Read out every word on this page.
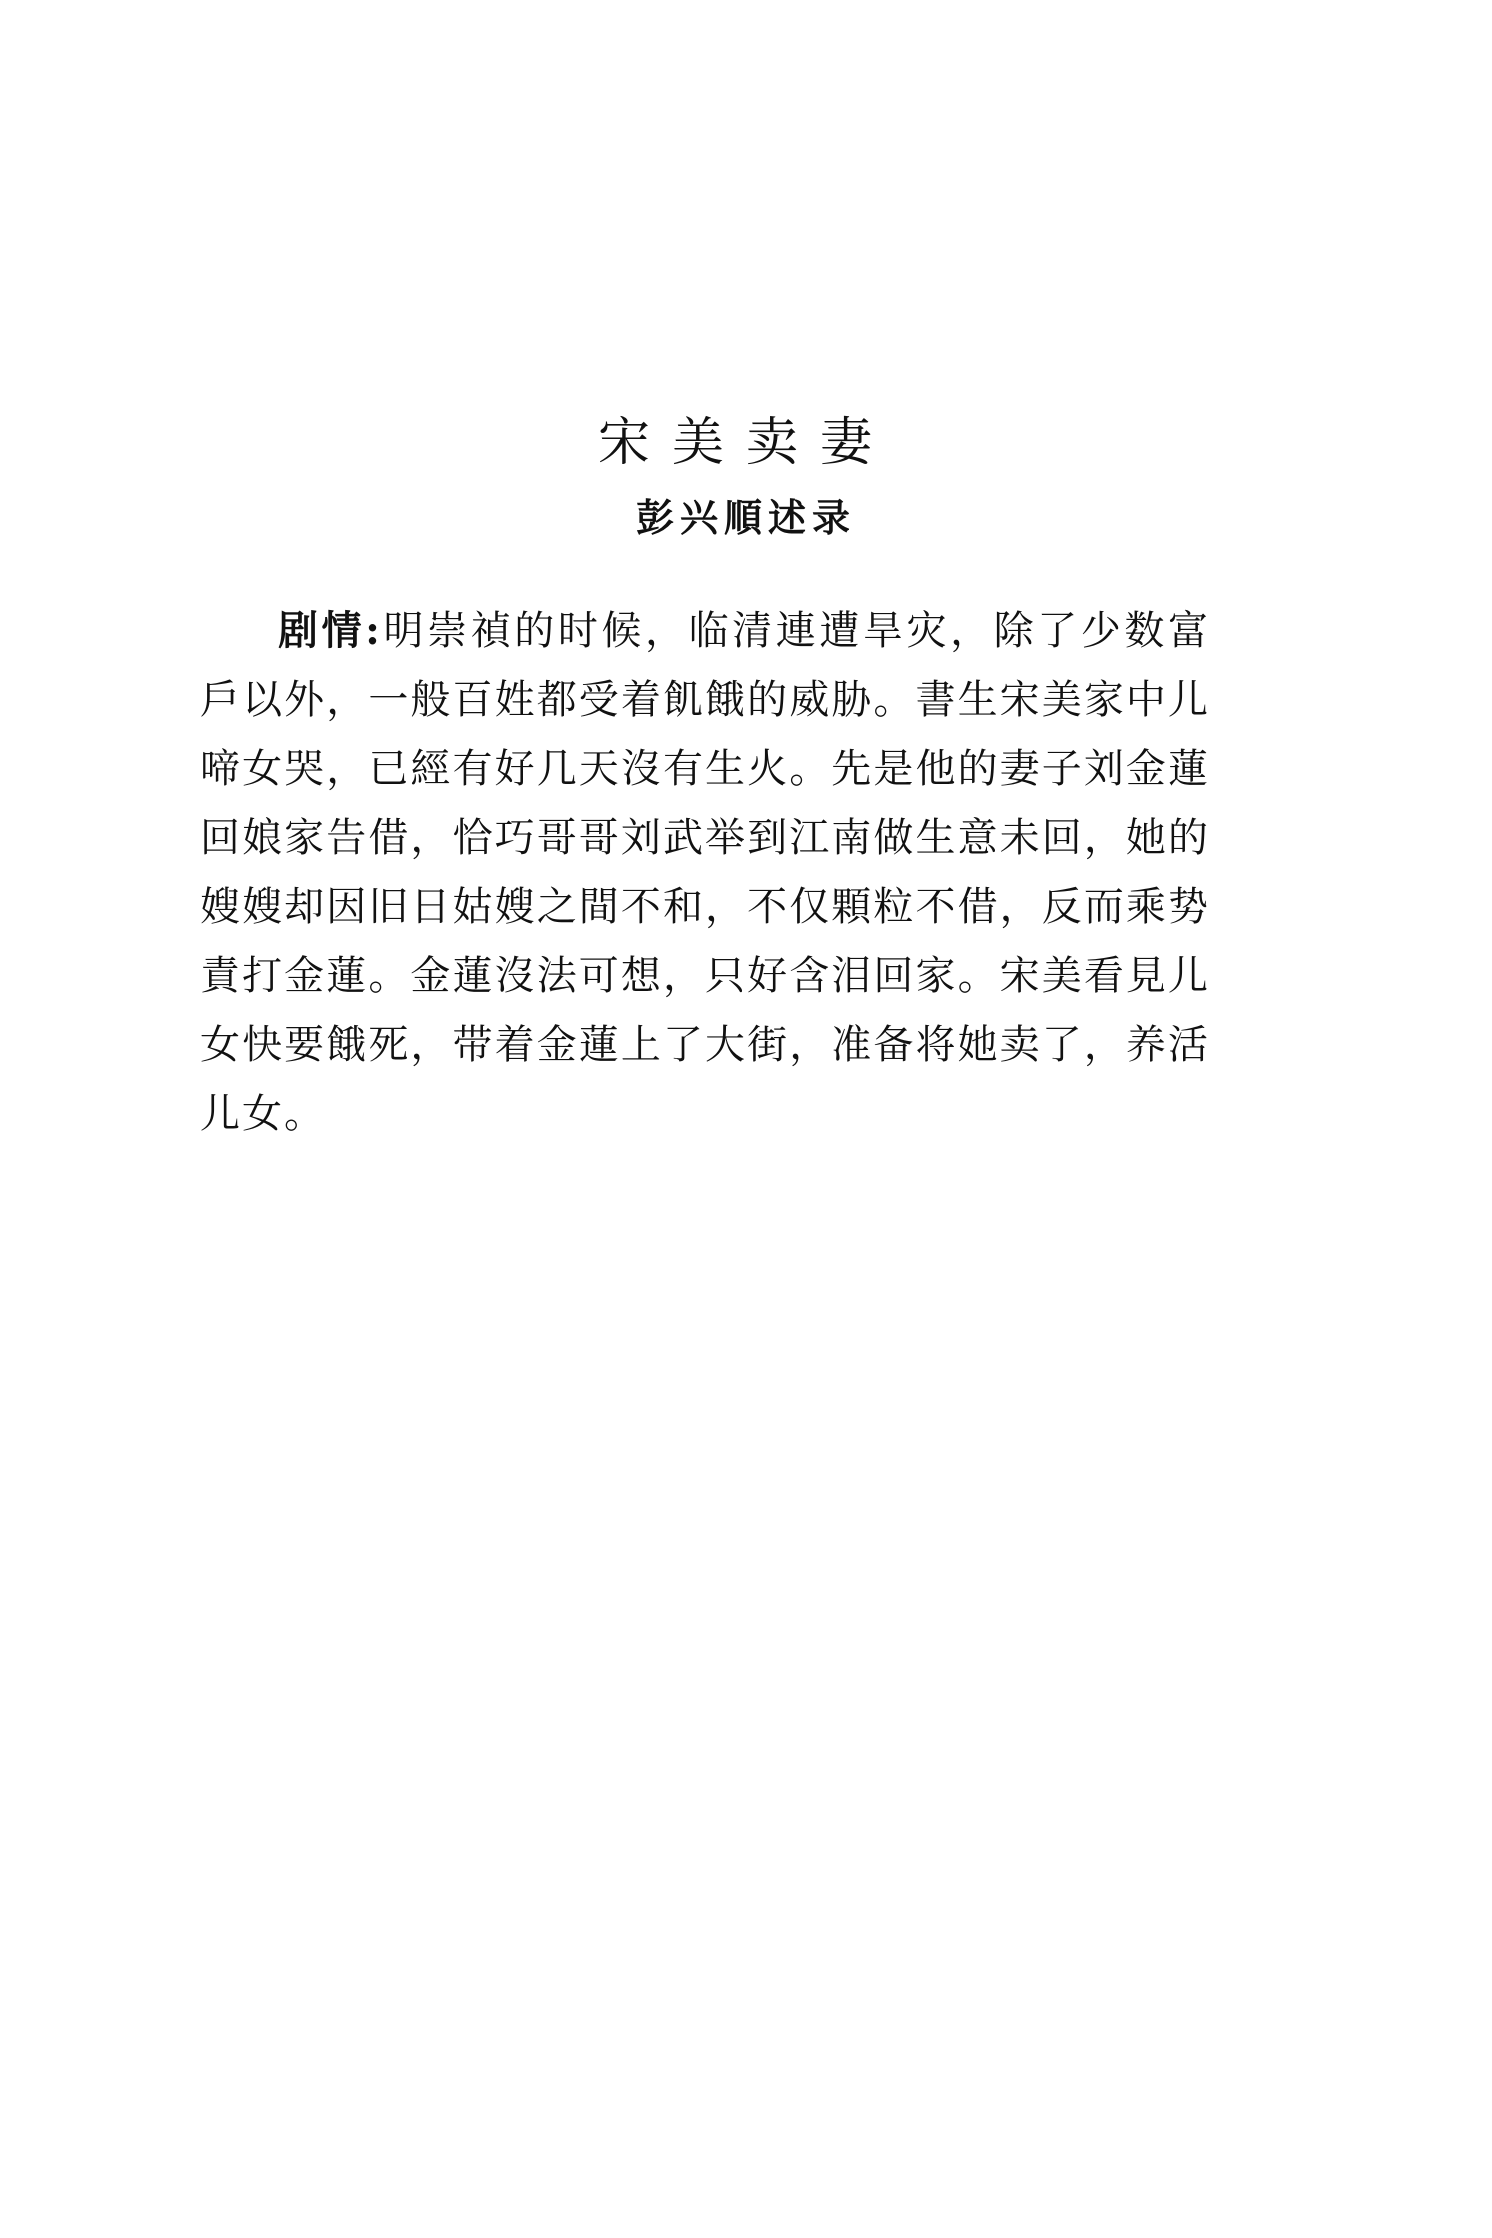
宋美卖妻
彭兴順述录

剧情:明崇禎的时候，临清連遭旱灾，除了少数富戶以外，一般百姓都受着飢餓的威胁。書生宋美家中儿啼女哭，已經有好几天沒有生火。先是他的妻子刘金蓮回娘家告借，恰巧哥哥刘武举到江南做生意未回，她的嫂嫂却因旧日姑嫂之間不和，不仅顆粒不借，反而乘势責打金蓮。金蓮沒法可想，只好含泪回家。宋美看見儿女快要餓死，带着金蓮上了大街，准备将她卖了，养活儿女。
